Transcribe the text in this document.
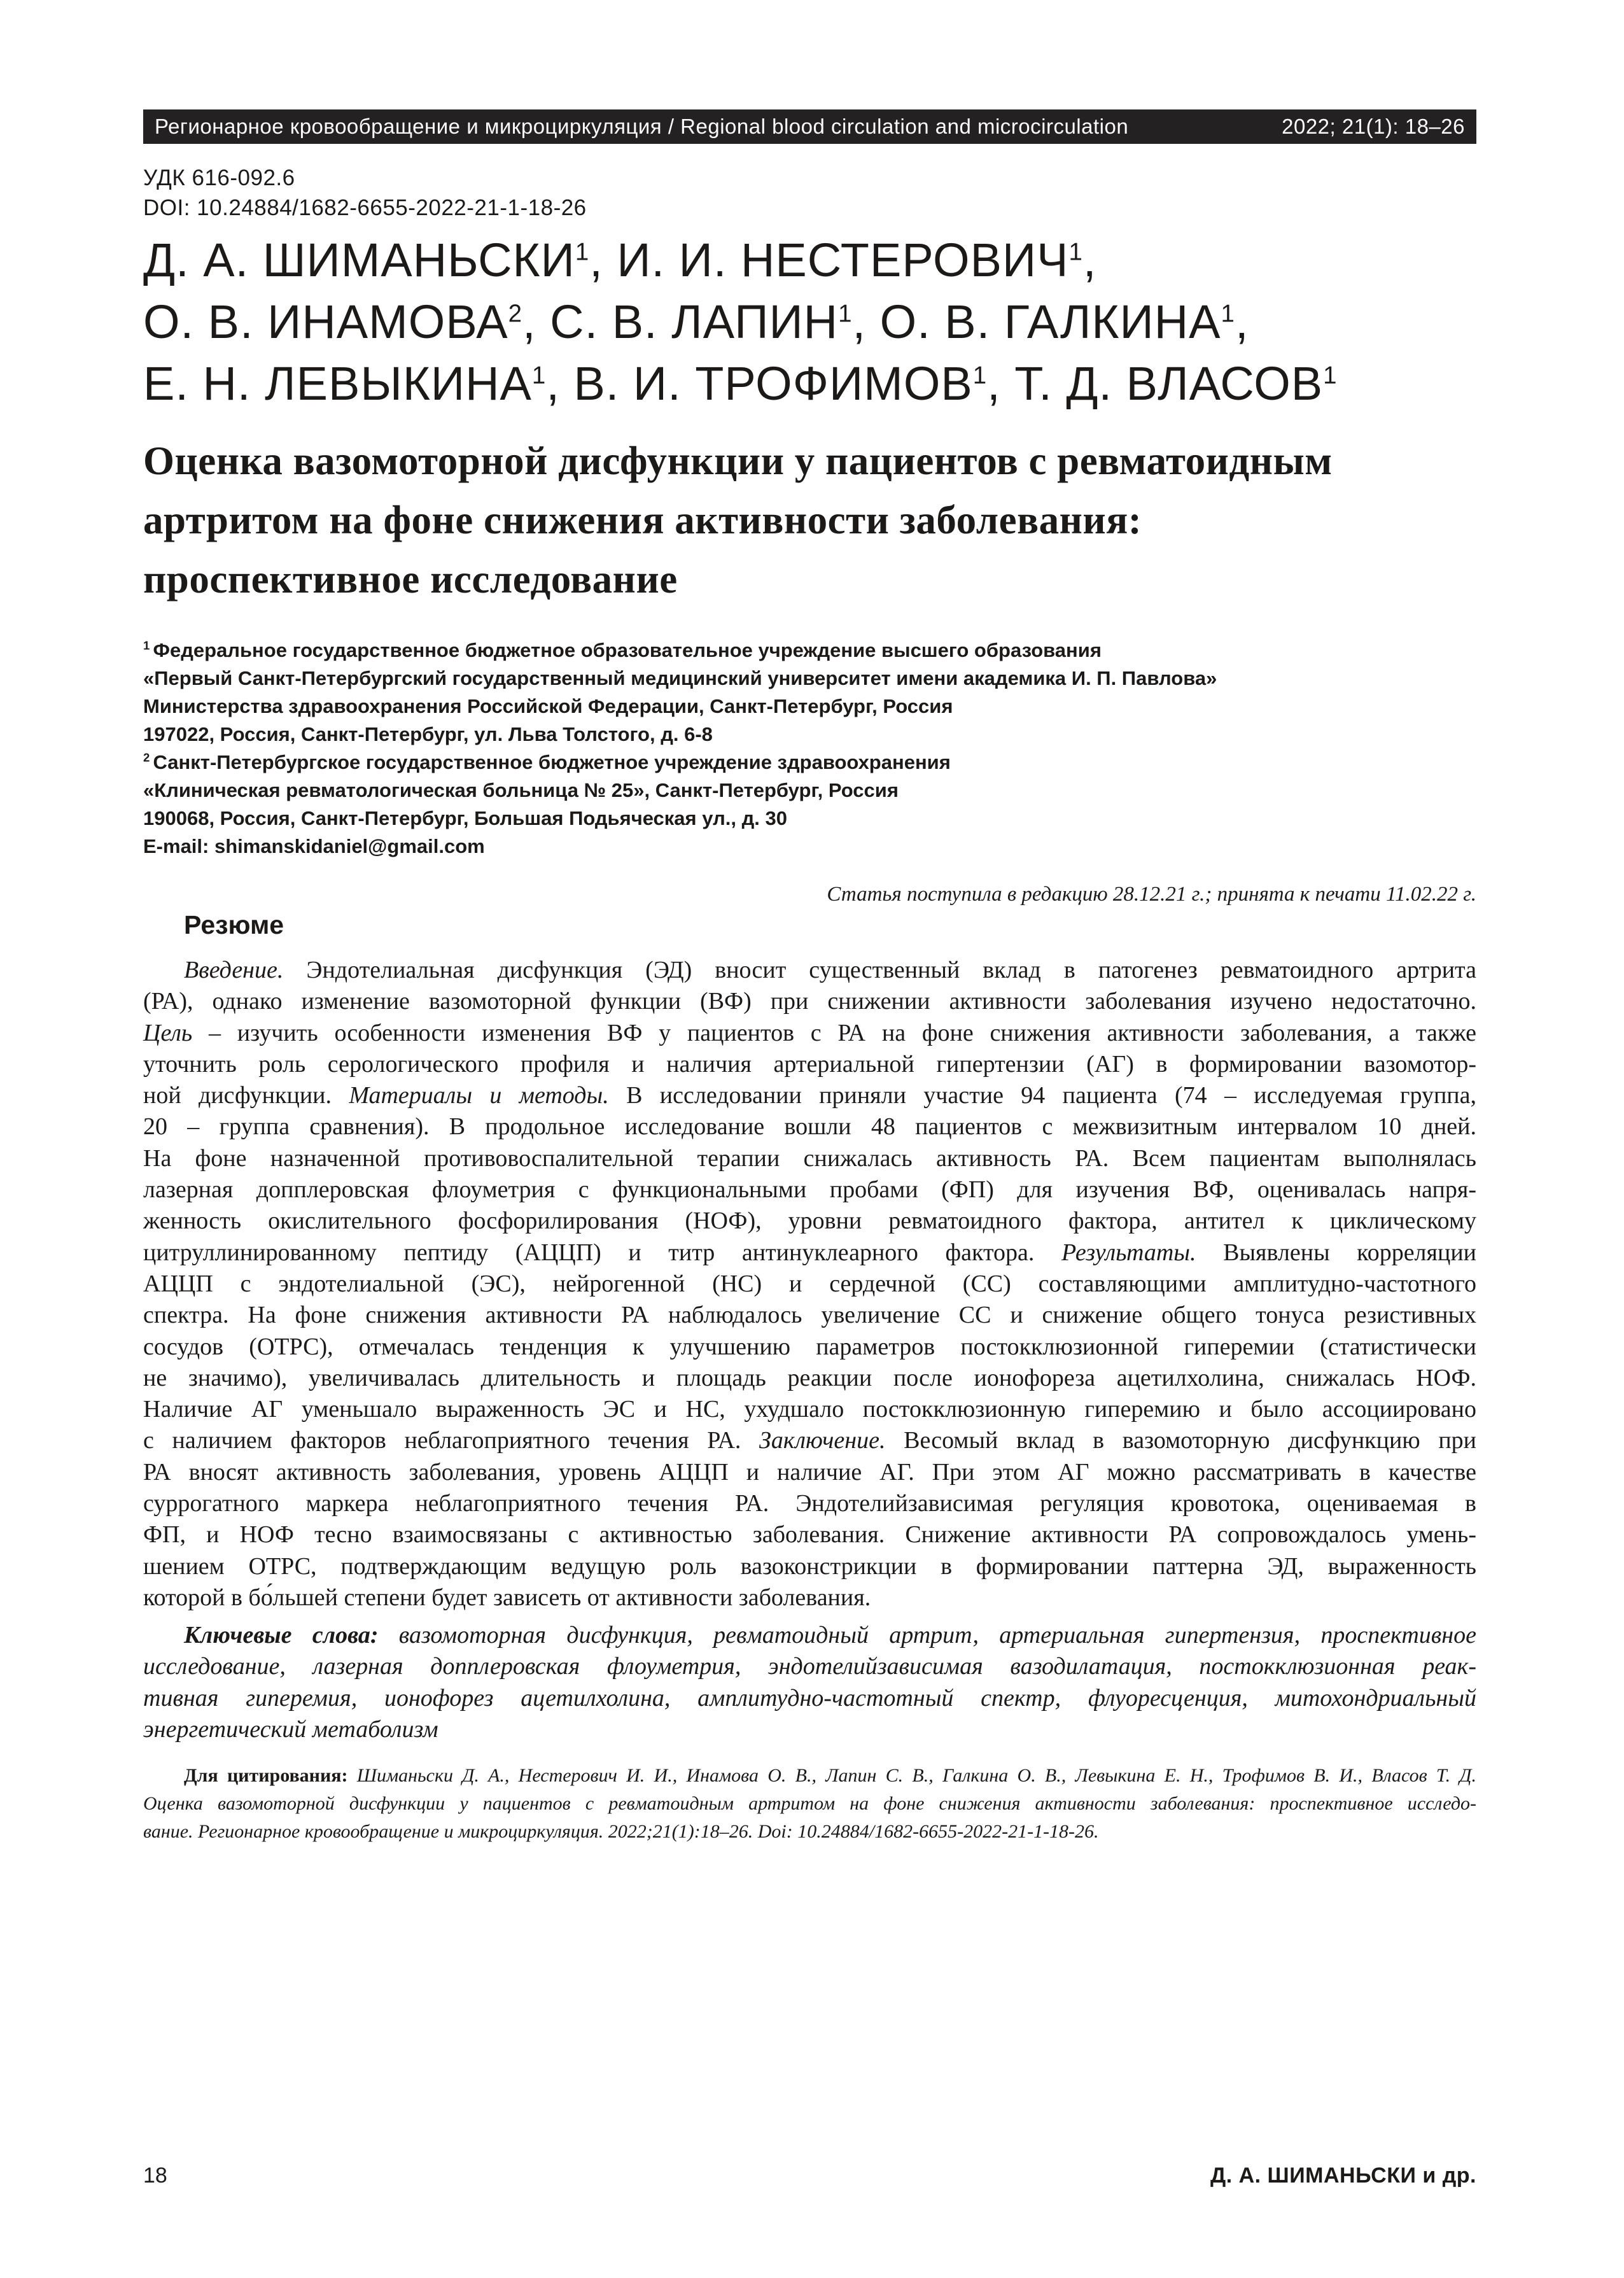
Регионарное кровообращение и микроциркуляция / Regional blood circulation and microcirculation	2022; 21(1): 18–26
УДК 616-092.6
DOI: 10.24884/1682-6655-2022-21-1-18-26
Д. А. ШИМАНЬСКИ$^1$, И. И. НЕСТЕРОВИЧ$^1$,
О. В. ИНАМОВА$^2$, С. В. ЛАПИН$^1$, О. В. ГАЛКИНА$^1$,
Е. Н. ЛЕВЫКИНА$^1$, В. И. ТРОФИМОВ$^1$, Т. Д. ВЛАСОВ$^1$
Оценка вазомоторной дисфункции у пациентов с ревматоидным
артритом на фоне снижения активности заболевания:
проспективное исследование
$^1$ Федеральное государственное бюджетное образовательное учреждение высшего образования
«Первый Санкт-Петербургский государственный медицинский университет имени академика И. П. Павлова»
Министерства здравоохранения Российской Федерации, Санкт-Петербург, Россия
197022, Россия, Санкт-Петербург, ул. Льва Толстого, д. 6-8
$^2$ Санкт-Петербургское государственное бюджетное учреждение здравоохранения
«Клиническая ревматологическая больница № 25», Санкт-Петербург, Россия
190068, Россия, Санкт-Петербург, Большая Подьяческая ул., д. 30
E-mail: shimanskidaniel@gmail.com
Статья поступила в редакцию 28.12.21 г.; принята к печати 11.02.22 г.
Резюме
Введение. Эндотелиальная дисфункция (ЭД) вносит существенный вклад в патогенез ревматоидного артрита
(РА), однако изменение вазомоторной функции (ВФ) при снижении активности заболевания изучено недостаточно.
Цель – изучить особенности изменения ВФ у пациентов с РА на фоне снижения активности заболевания, а также
уточнить роль серологического профиля и наличия артериальной гипертензии (АГ) в формировании вазомотор-
ной дисфункции. Материалы и методы. В исследовании приняли участие 94 пациента (74 – исследуемая группа,
20 – группа сравнения). В продольное исследование вошли 48 пациентов с межвизитным интервалом 10 дней.
На фоне назначенной противовоспалительной терапии снижалась активность РА. Всем пациентам выполнялась
лазерная допплеровская флоуметрия с функциональными пробами (ФП) для изучения ВФ, оценивалась напря-
женность окислительного фосфорилирования (НОФ), уровни ревматоидного фактора, антител к циклическому
цитруллинированному пептиду (АЦЦП) и титр антинуклеарного фактора. Результаты. Выявлены корреляции
АЦЦП с эндотелиальной (ЭС), нейрогенной (НС) и сердечной (СС) составляющими амплитудно-частотного
спектра. На фоне снижения активности РА наблюдалось увеличение СС и снижение общего тонуса резистивных
сосудов (ОТРС), отмечалась тенденция к улучшению параметров постокклюзионной гиперемии (статистически
не значимо), увеличивалась длительность и площадь реакции после ионофореза ацетилхолина, снижалась НОФ.
Наличие АГ уменьшало выраженность ЭС и НС, ухудшало постокклюзионную гиперемию и было ассоциировано
с наличием факторов неблагоприятного течения РА. Заключение. Весомый вклад в вазомоторную дисфункцию при
РА вносят активность заболевания, уровень АЦЦП и наличие АГ. При этом АГ можно рассматривать в качестве
суррогатного маркера неблагоприятного течения РА. Эндотелийзависимая регуляция кровотока, оцениваемая в
ФП, и НОФ тесно взаимосвязаны с активностью заболевания. Снижение активности РА сопровождалось умень-
шением ОТРС, подтверждающим ведущую роль вазоконстрикции в формировании паттерна ЭД, выраженность
которой в бо́льшей степени будет зависеть от активности заболевания.
Ключевые слова: вазомоторная дисфункция, ревматоидный артрит, артериальная гипертензия, проспективное
исследование, лазерная допплеровская флоуметрия, эндотелийзависимая вазодилатация, постокклюзионная реак-
тивная гиперемия, ионофорез ацетилхолина, амплитудно-частотный спектр, флуоресценция, митохондриальный
энергетический метаболизм
Для цитирования: Шиманьски Д. А., Нестерович И. И., Инамова О. В., Лапин С. В., Галкина О. В., Левыкина Е. Н., Трофимов В. И., Власов Т. Д.
Оценка вазомоторной дисфункции у пациентов с ревматоидным артритом на фоне снижения активности заболевания: проспективное исследо-
вание. Регионарное кровообращение и микроциркуляция. 2022;21(1):18–26. Doi: 10.24884/1682-6655-2022-21-1-18-26.
18	Д. А. ШИМАНЬСКИ и др.
